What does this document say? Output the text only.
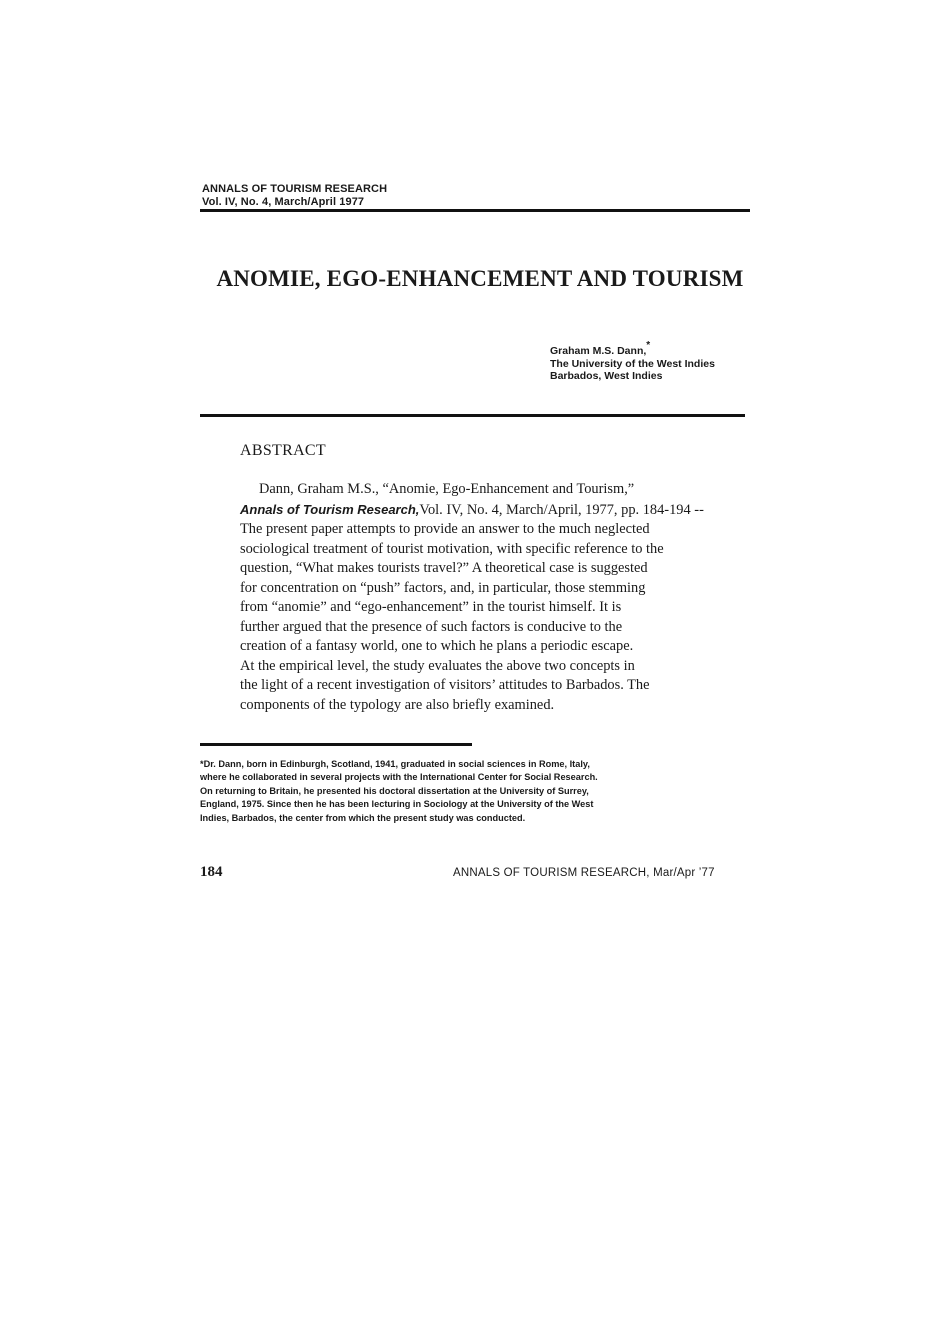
ANNALS OF TOURISM RESEARCH
Vol. IV, No. 4, March/April 1977
ANOMIE, EGO-ENHANCEMENT AND TOURISM
Graham M.S. Dann,*
The University of the West Indies
Barbados, West Indies
ABSTRACT
Dann, Graham M.S., “Anomie, Ego-Enhancement and Tourism,”
Annals of Tourism Research,Vol. IV, No. 4, March/April, 1977, pp. 184-194 --
The present paper attempts to provide an answer to the much neglected
sociological treatment of tourist motivation, with specific reference to the
question, “What makes tourists travel?” A theoretical case is suggested
for concentration on “push” factors, and, in particular, those stemming
from “anomie” and “ego-enhancement” in the tourist himself. It is
further argued that the presence of such factors is conducive to the
creation of a fantasy world, one to which he plans a periodic escape.
At the empirical level, the study evaluates the above two concepts in
the light of a recent investigation of visitors’ attitudes to Barbados. The
components of the typology are also briefly examined.
*Dr. Dann, born in Edinburgh, Scotland, 1941, graduated in social sciences in Rome, Italy,
where he collaborated in several projects with the International Center for Social Research.
On returning to Britain, he presented his doctoral dissertation at the University of Surrey,
England, 1975. Since then he has been lecturing in Sociology at the University of the West
Indies, Barbados, the center from which the present study was conducted.
184	ANNALS OF TOURISM RESEARCH, Mar/Apr ’77
